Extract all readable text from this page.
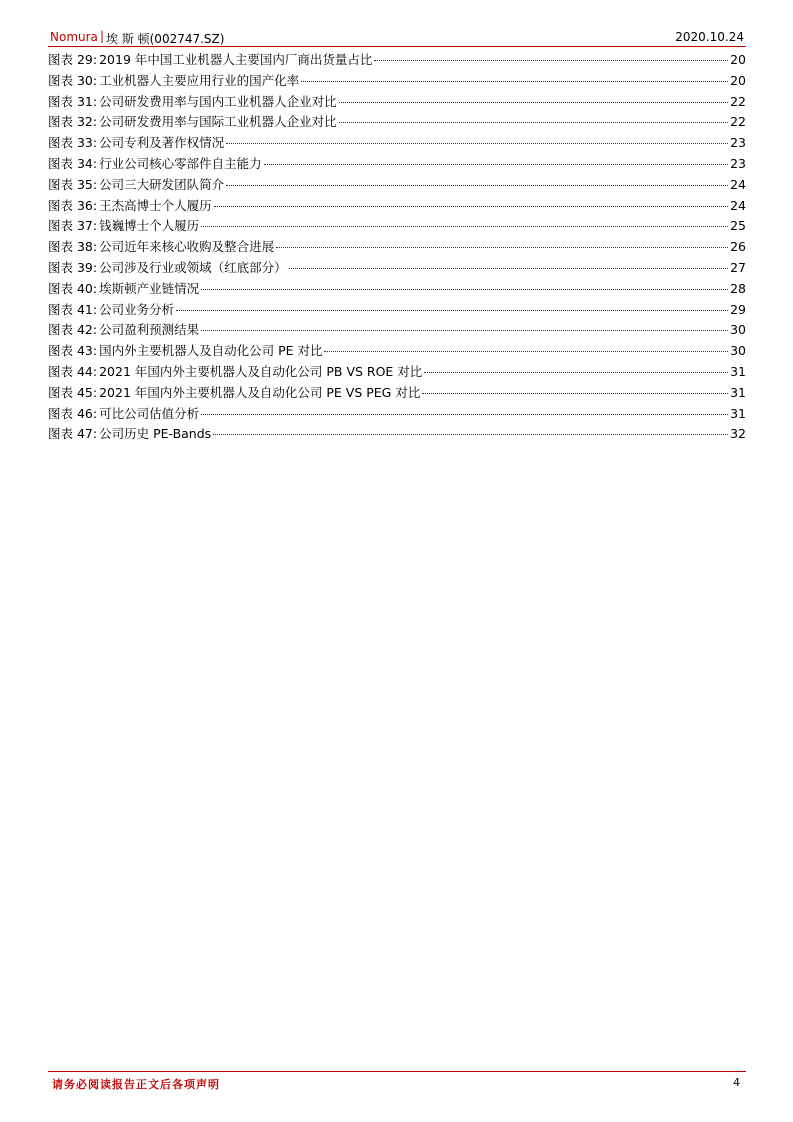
Nomura | 埃 斯 顿(002747.SZ)	2020.10.24
图表 29: 2019 年中国工业机器人主要国内厂商出货量占比	20
图表 30: 工业机器人主要应用行业的国产化率	20
图表 31: 公司研发费用率与国内工业机器人企业对比	22
图表 32: 公司研发费用率与国际工业机器人企业对比	22
图表 33: 公司专利及著作权情况	23
图表 34: 行业公司核心零部件自主能力	23
图表 35: 公司三大研发团队简介	24
图表 36: 王杰高博士个人履历	24
图表 37: 钱巍博士个人履历	25
图表 38: 公司近年来核心收购及整合进展	26
图表 39: 公司涉及行业或领域（红底部分）	27
图表 40: 埃斯顿产业链情况	28
图表 41: 公司业务分析	29
图表 42: 公司盈利预测结果	30
图表 43: 国内外主要机器人及自动化公司 PE 对比	30
图表 44: 2021 年国内外主要机器人及自动化公司 PB VS ROE 对比	31
图表 45: 2021 年国内外主要机器人及自动化公司 PE VS PEG 对比	31
图表 46: 可比公司估值分析	31
图表 47: 公司历史 PE-Bands	32
请务必阅读报告正文后各项声明	4
